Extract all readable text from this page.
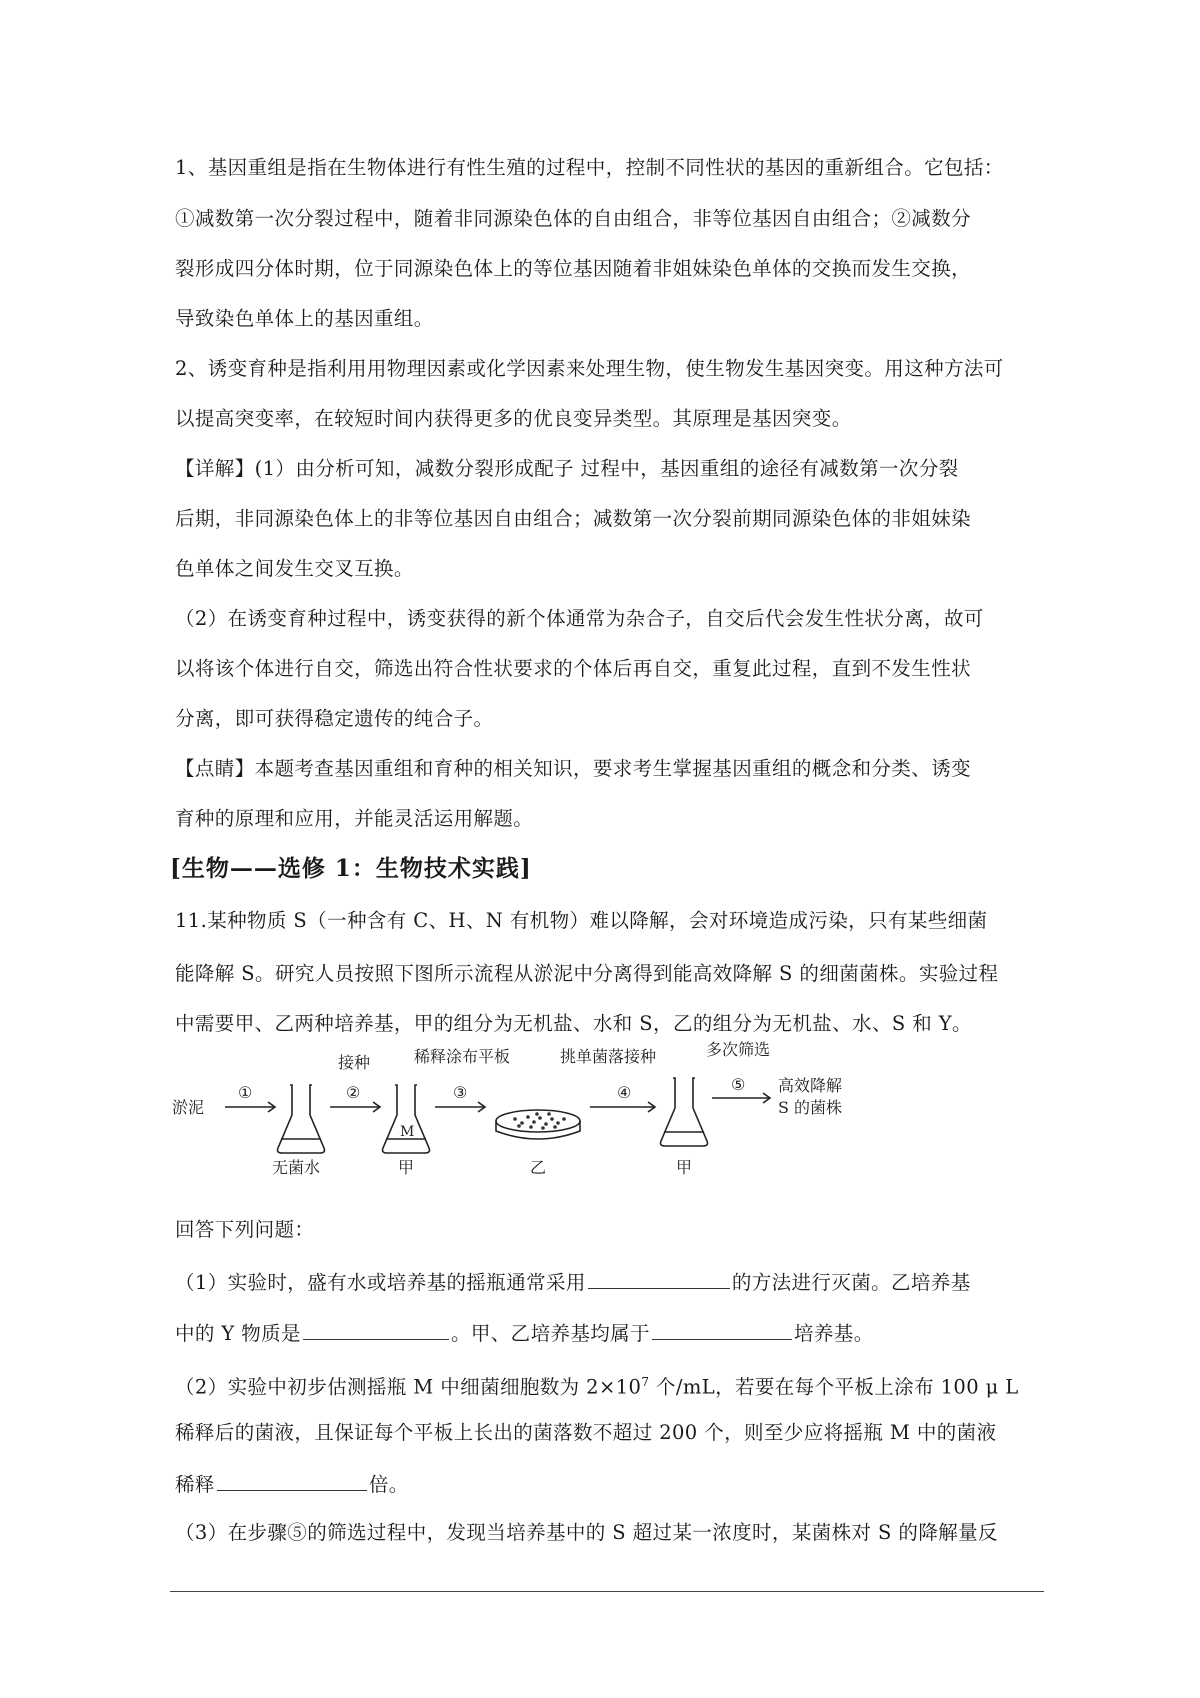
1、基因重组是指在生物体进行有性生殖的过程中，控制不同性状的基因的重新组合。它包括：
①减数第一次分裂过程中，随着非同源染色体的自由组合，非等位基因自由组合；②减数分
裂形成四分体时期，位于同源染色体上的等位基因随着非姐妹染色单体的交换而发生交换，
导致染色单体上的基因重组。
2、诱变育种是指利用用物理因素或化学因素来处理生物，使生物发生基因突变。用这种方法可
以提高突变率，在较短时间内获得更多的优良变异类型。其原理是基因突变。
【详解】(1）由分析可知，减数分裂形成配子 过程中，基因重组的途径有减数第一次分裂
后期，非同源染色体上的非等位基因自由组合；减数第一次分裂前期同源染色体的非姐妹染
色单体之间发生交叉互换。
（2）在诱变育种过程中，诱变获得的新个体通常为杂合子，自交后代会发生性状分离，故可
以将该个体进行自交，筛选出符合性状要求的个体后再自交，重复此过程，直到不发生性状
分离，即可获得稳定遗传的纯合子。
【点睛】本题考查基因重组和育种的相关知识，要求考生掌握基因重组的概念和分类、诱变
育种的原理和应用，并能灵活运用解题。
[生物——选修 1：生物技术实践]
11.某种物质 S（一种含有 C、H、N 有机物）难以降解，会对环境造成污染，只有某些细菌
能降解 S。研究人员按照下图所示流程从淤泥中分离得到能高效降解 S 的细菌菌株。实验过程
中需要甲、乙两种培养基，甲的组分为无机盐、水和 S，乙的组分为无机盐、水、S 和 Y。
淤泥
①	②	③	④	⑤
接种	稀释涂布平板	挑单菌落接种	多次筛选
M
高效降解
S 的菌株
无菌水	甲	乙	甲
回答下列问题：
（1）实验时，盛有水或培养基的摇瓶通常采用	的方法进行灭菌。乙培养基
中的 Y 物质是	。甲、乙培养基均属于	培养基。
（2）实验中初步估测摇瓶 M 中细菌细胞数为 $2\times 10^7$ 个/mL，若要在每个平板上涂布 100 μ L
稀释后的菌液，且保证每个平板上长出的菌落数不超过 200 个，则至少应将摇瓶 M 中的菌液
稀释	倍。
（3）在步骤⑤的筛选过程中，发现当培养基中的 S 超过某一浓度时，某菌株对 S 的降解量反
